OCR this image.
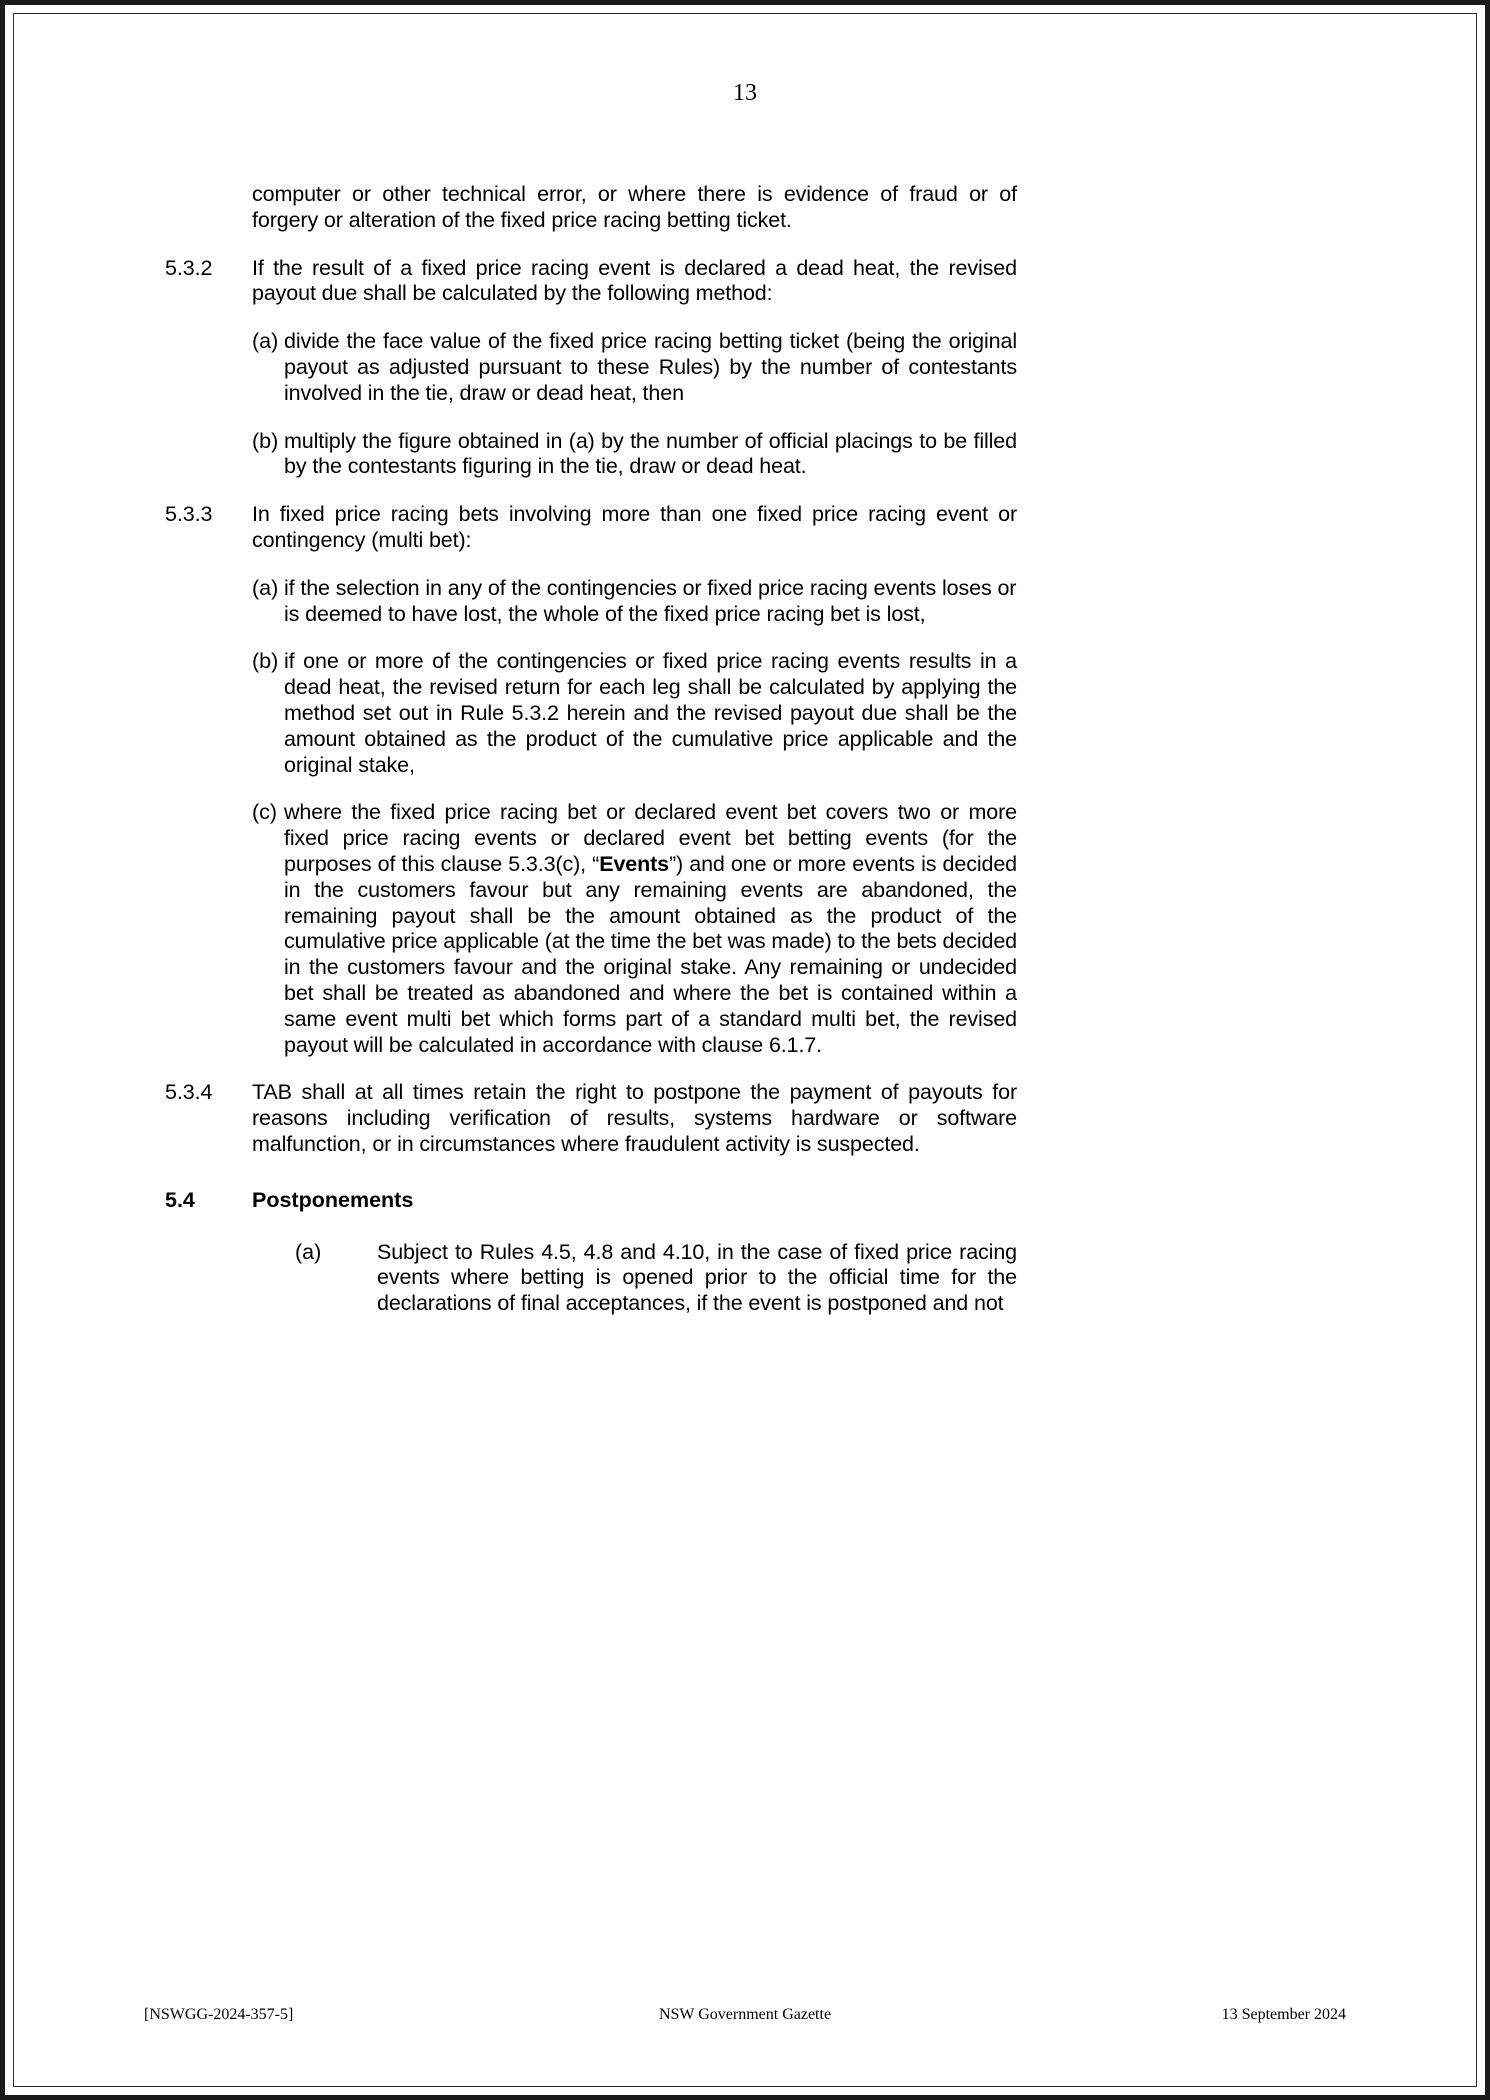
13
computer or other technical error, or where there is evidence of fraud or of forgery or alteration of the fixed price racing betting ticket.
5.3.2	If the result of a fixed price racing event is declared a dead heat, the revised payout due shall be calculated by the following method:
(a) divide the face value of the fixed price racing betting ticket (being the original payout as adjusted pursuant to these Rules) by the number of contestants involved in the tie, draw or dead heat, then
(b) multiply the figure obtained in (a) by the number of official placings to be filled by the contestants figuring in the tie, draw or dead heat.
5.3.3	In fixed price racing bets involving more than one fixed price racing event or contingency (multi bet):
(a) if the selection in any of the contingencies or fixed price racing events loses or is deemed to have lost, the whole of the fixed price racing bet is lost,
(b) if one or more of the contingencies or fixed price racing events results in a dead heat, the revised return for each leg shall be calculated by applying the method set out in Rule 5.3.2 herein and the revised payout due shall be the amount obtained as the product of the cumulative price applicable and the original stake,
(c) where the fixed price racing bet or declared event bet covers two or more fixed price racing events or declared event bet betting events (for the purposes of this clause 5.3.3(c), “Events”) and one or more events is decided in the customers favour but any remaining events are abandoned, the remaining payout shall be the amount obtained as the product of the cumulative price applicable (at the time the bet was made) to the bets decided in the customers favour and the original stake. Any remaining or undecided bet shall be treated as abandoned and where the bet is contained within a same event multi bet which forms part of a standard multi bet, the revised payout will be calculated in accordance with clause 6.1.7.
5.3.4	TAB shall at all times retain the right to postpone the payment of payouts for reasons including verification of results, systems hardware or software malfunction, or in circumstances where fraudulent activity is suspected.
5.4	Postponements
(a)	Subject to Rules 4.5, 4.8 and 4.10, in the case of fixed price racing events where betting is opened prior to the official time for the declarations of final acceptances, if the event is postponed and not
[NSWGG-2024-357-5]	NSW Government Gazette	13 September 2024
